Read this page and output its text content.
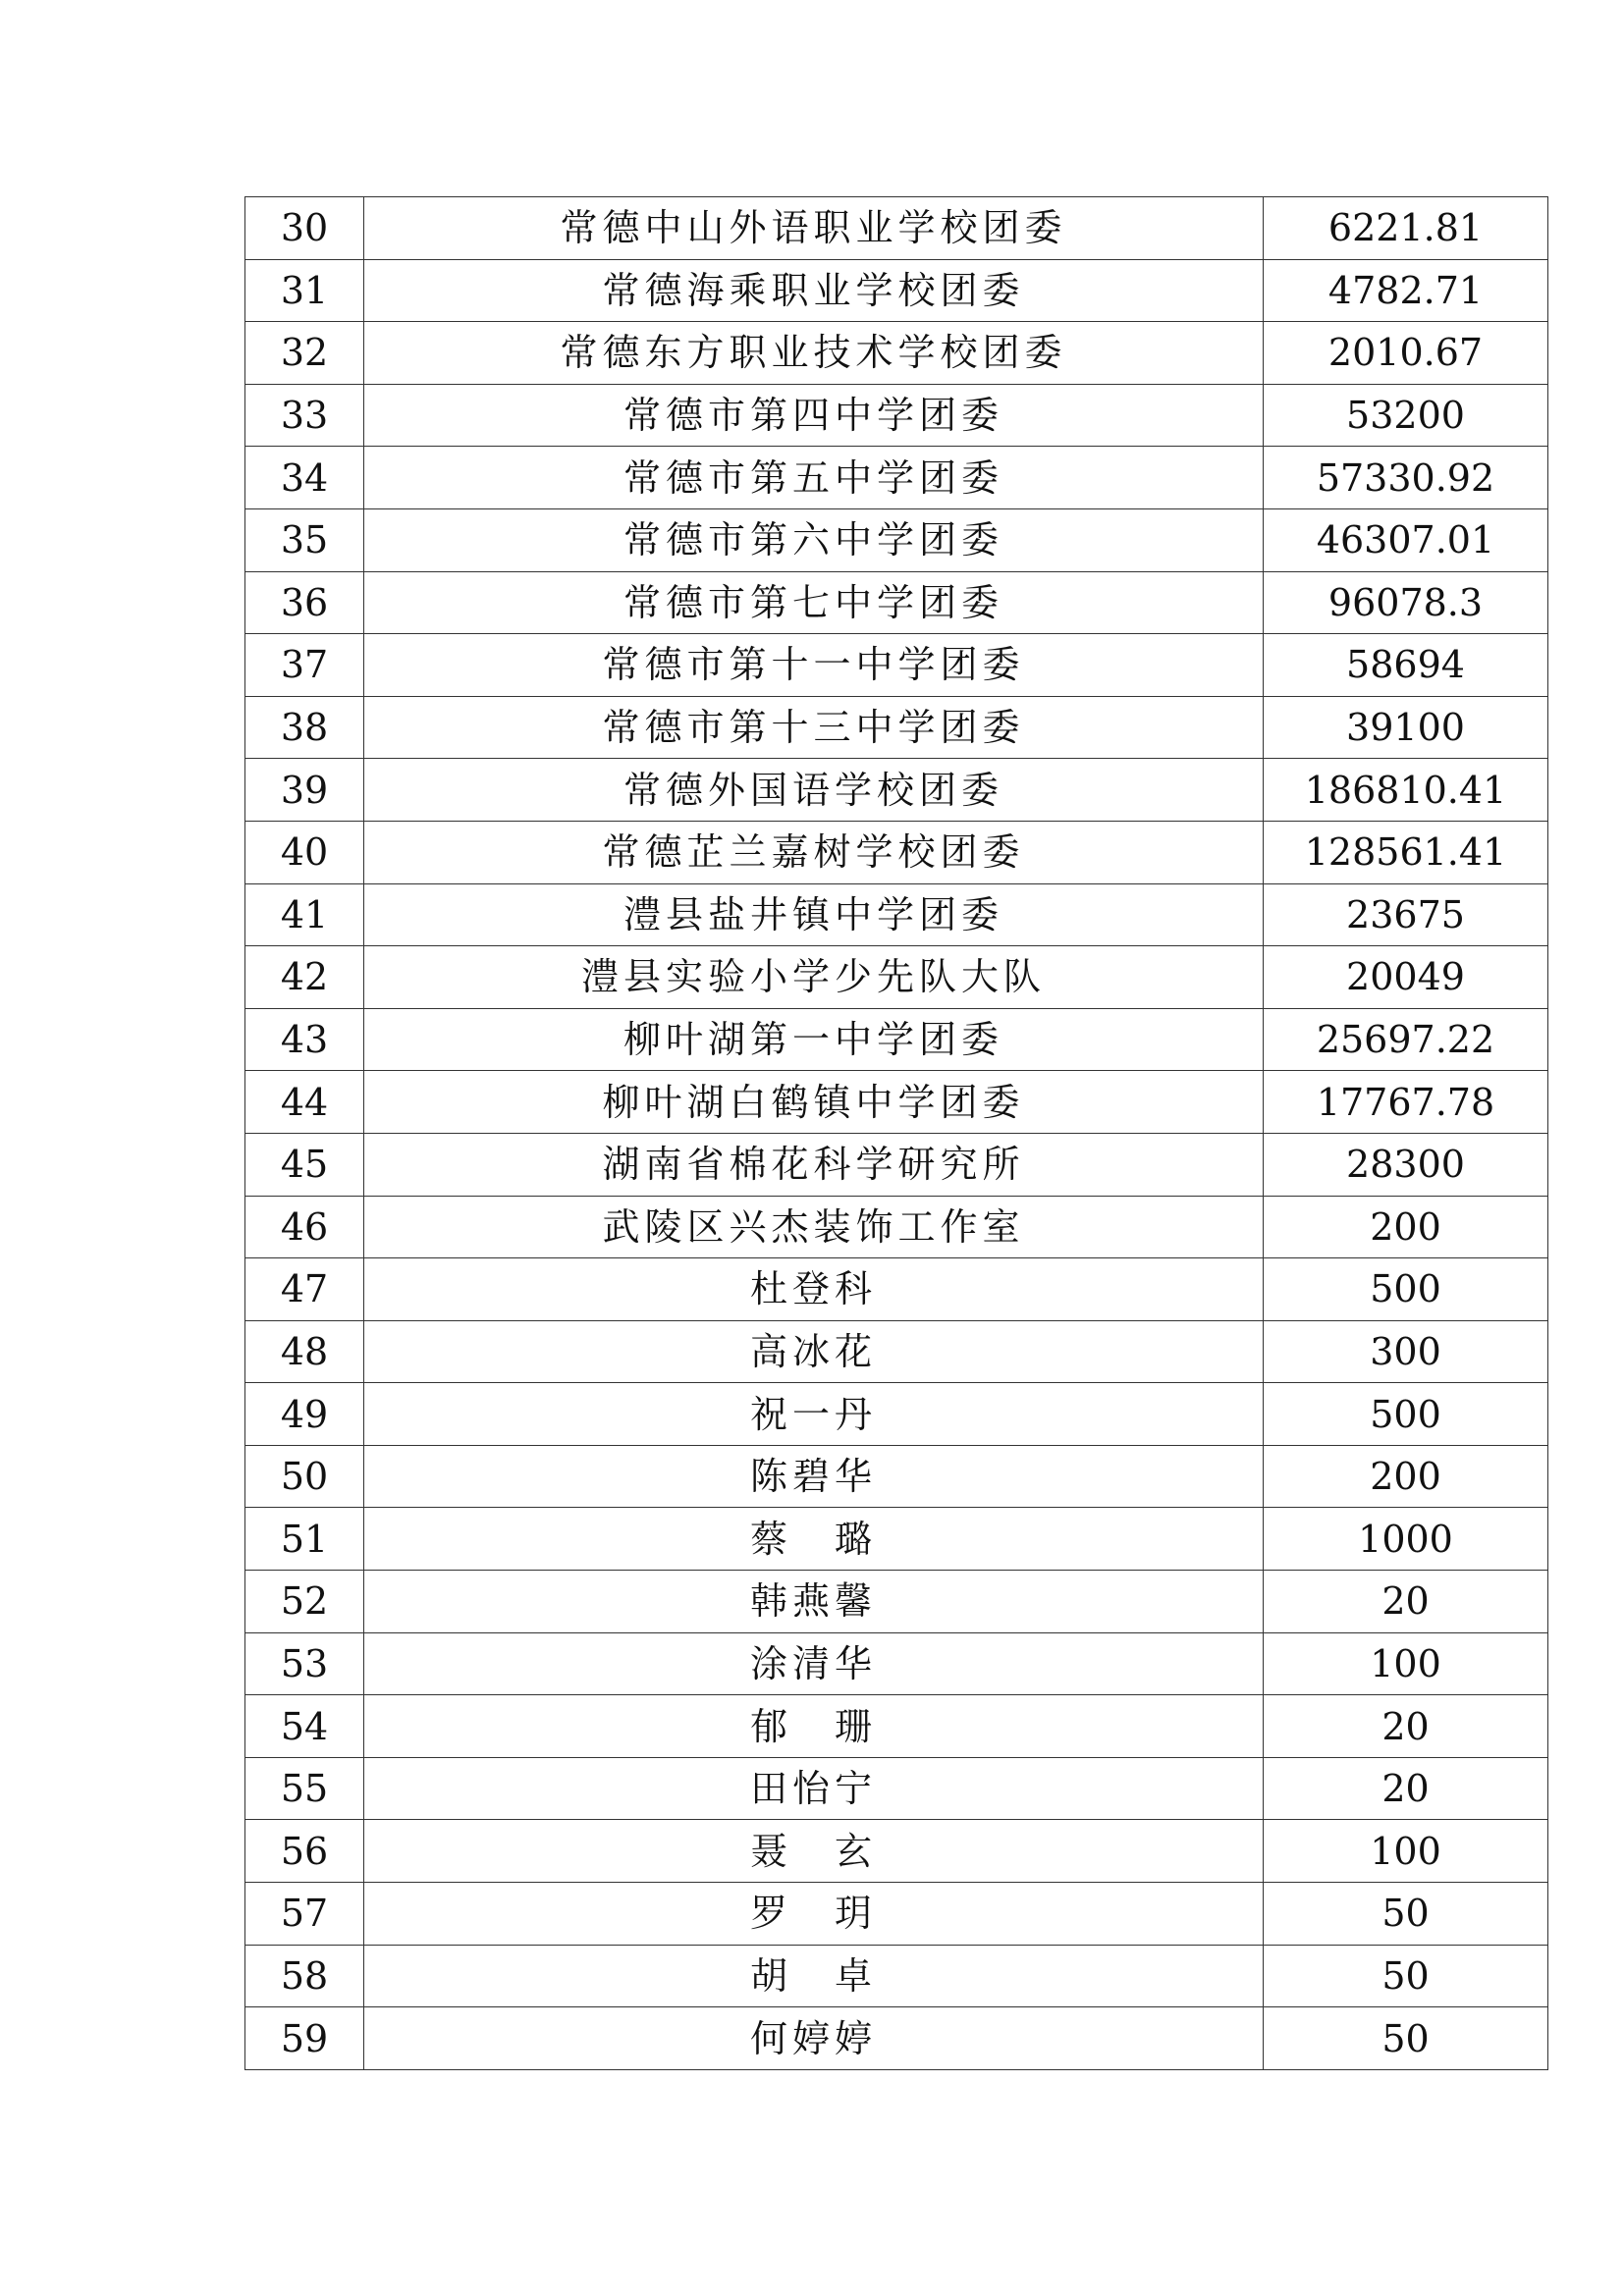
30	常德中山外语职业学校团委	6221.81
31	常德海乘职业学校团委	4782.71
32	常德东方职业技术学校团委	2010.67
33	常德市第四中学团委	53200
34	常德市第五中学团委	57330.92
35	常德市第六中学团委	46307.01
36	常德市第七中学团委	96078.3
37	常德市第十一中学团委	58694
38	常德市第十三中学团委	39100
39	常德外国语学校团委	186810.41
40	常德芷兰嘉树学校团委	128561.41
41	澧县盐井镇中学团委	23675
42	澧县实验小学少先队大队	20049
43	柳叶湖第一中学团委	25697.22
44	柳叶湖白鹤镇中学团委	17767.78
45	湖南省棉花科学研究所	28300
46	武陵区兴杰装饰工作室	200
47	杜登科	500
48	高冰花	300
49	祝一丹	500
50	陈碧华	200
51	蔡　璐	1000
52	韩燕馨	20
53	涂清华	100
54	郁　珊	20
55	田怡宁	20
56	聂　玄	100
57	罗　玥	50
58	胡　卓	50
59	何婷婷	50
